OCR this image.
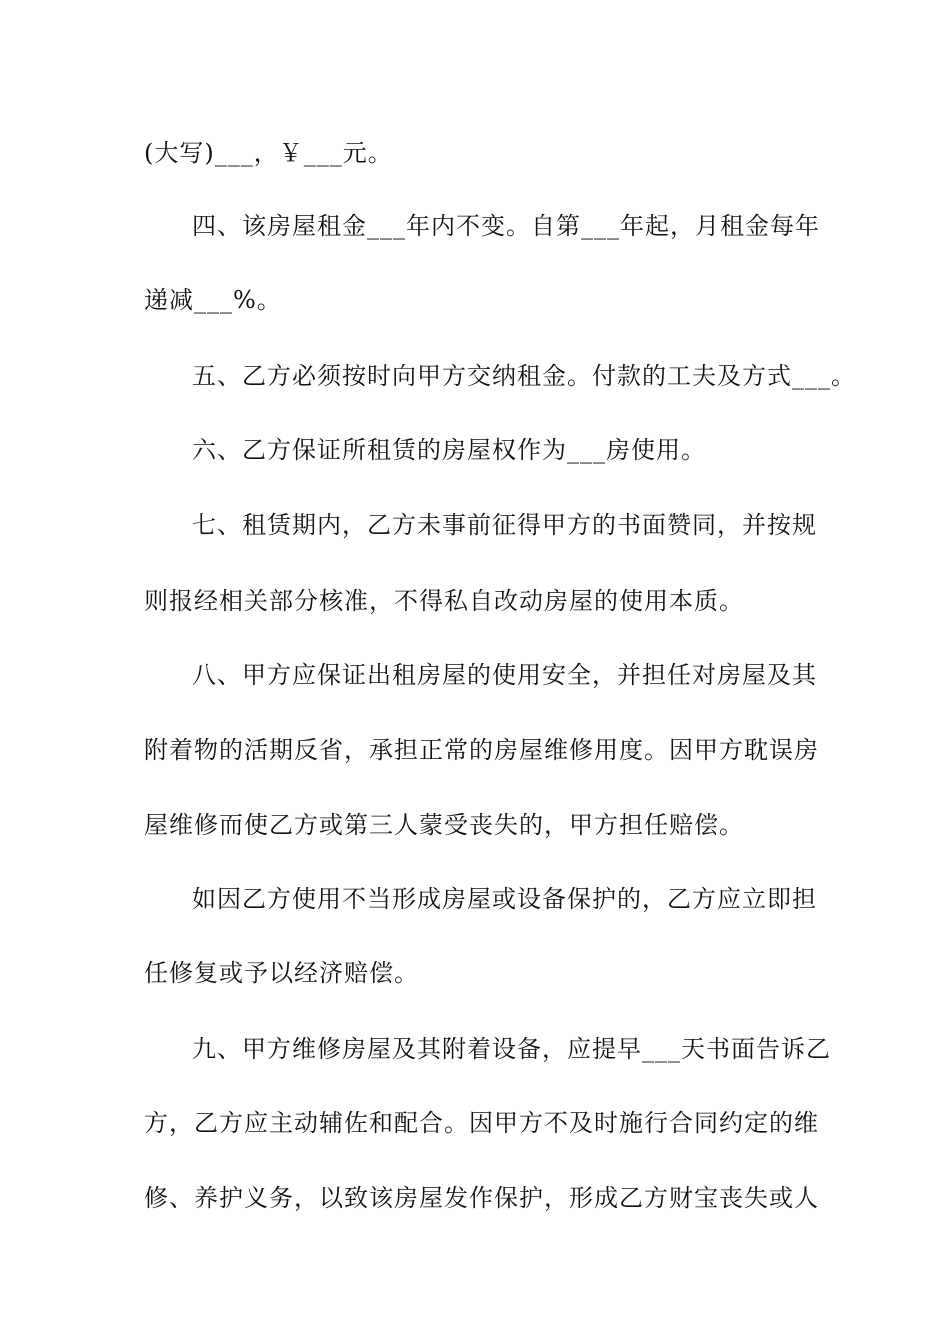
(大写)___，￥___元。
四、该房屋租金___年内不变。自第___年起，月租金每年
递减___%。
五、乙方必须按时向甲方交纳租金。付款的工夫及方式___。
六、乙方保证所租赁的房屋权作为___房使用。
七、租赁期内，乙方未事前征得甲方的书面赞同，并按规
则报经相关部分核准，不得私自改动房屋的使用本质。
八、甲方应保证出租房屋的使用安全，并担任对房屋及其
附着物的活期反省，承担正常的房屋维修用度。因甲方耽误房
屋维修而使乙方或第三人蒙受丧失的，甲方担任赔偿。
如因乙方使用不当形成房屋或设备保护的，乙方应立即担
任修复或予以经济赔偿。
九、甲方维修房屋及其附着设备，应提早___天书面告诉乙
方，乙方应主动辅佐和配合。因甲方不及时施行合同约定的维
修、养护义务，以致该房屋发作保护，形成乙方财宝丧失或人
